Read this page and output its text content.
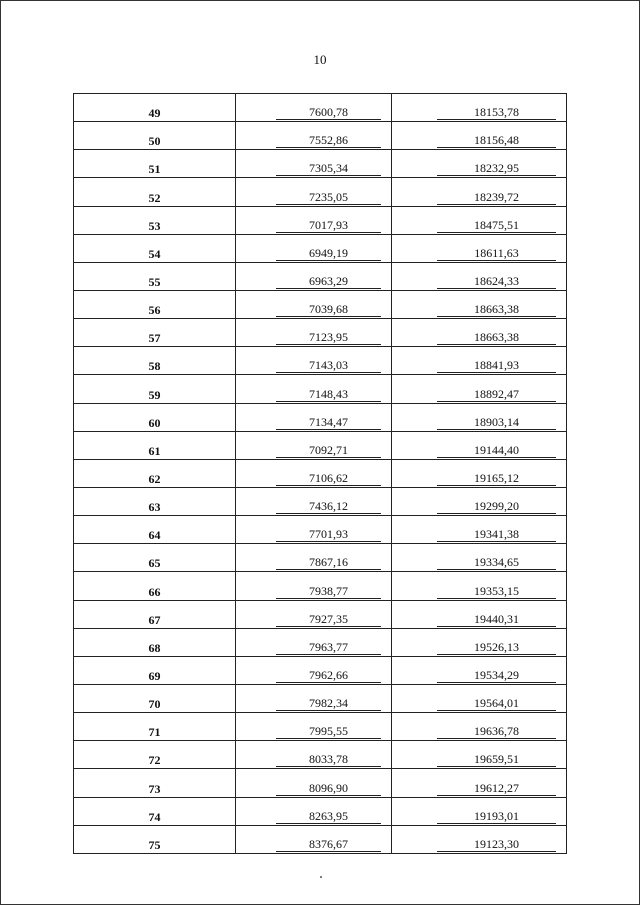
10
49	7600,78	18153,78

50	7552,86	18156,48

51	7305,34	18232,95

52	7235,05	18239,72

53	7017,93	18475,51

54	6949,19	18611,63

55	6963,29	18624,33

56	7039,68	18663,38

57	7123,95	18663,38

58	7143,03	18841,93

59	7148,43	18892,47

60	7134,47	18903,14

61	7092,71	19144,40

62	7106,62	19165,12

63	7436,12	19299,20

64	7701,93	19341,38

65	7867,16	19334,65

66	7938,77	19353,15

67	7927,35	19440,31

68	7963,77	19526,13

69	7962,66	19534,29

70	7982,34	19564,01

71	7995,55	19636,78

72	8033,78	19659,51

73	8096,90	19612,27

74	8263,95	19193,01

75	8376,67	19123,30
